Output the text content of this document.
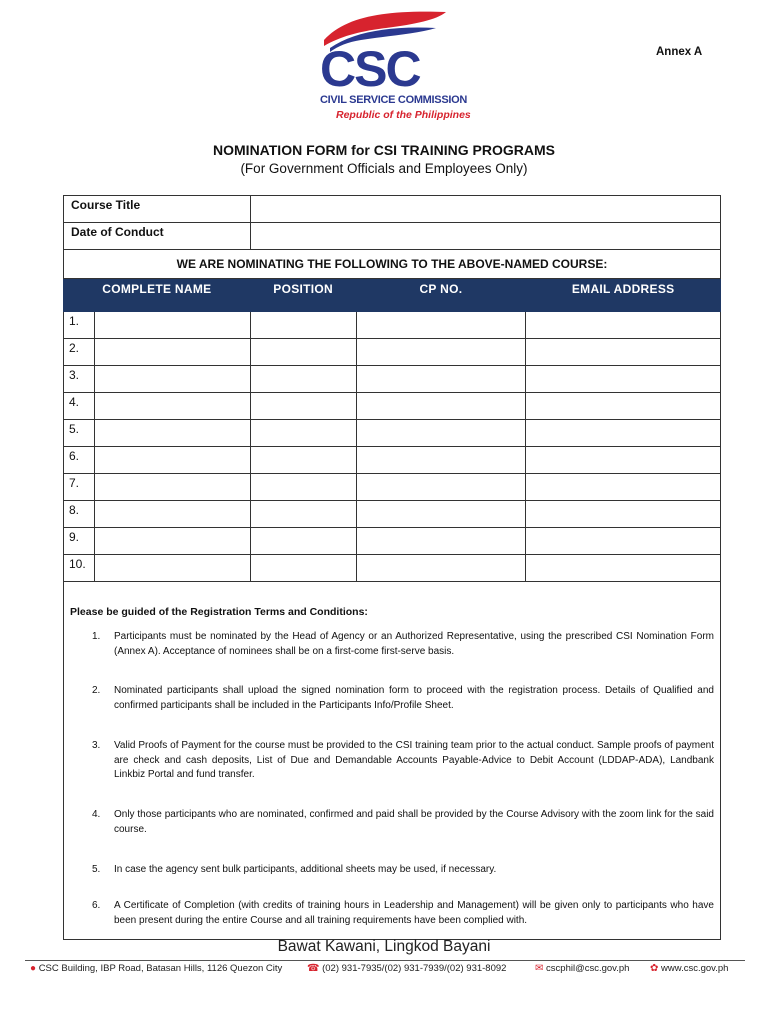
CSC
CIVIL SERVICE COMMISSION
Republic of the Philippines
Annex A
NOMINATION FORM for CSI TRAINING PROGRAMS
(For Government Officials and Employees Only)
Course Title				
Date of Conduct				
WE ARE NOMINATING THE FOLLOWING TO THE ABOVE-NAMED COURSE:				
COMPLETE NAME		POSITION	CP NO.	EMAIL ADDRESS
1.				
2.				
3.				
4.				
5.				
6.				
7.				
8.				
9.				
10.				
Please be guided of the Registration Terms and Conditions:
1. Participants must be nominated by the Head of Agency or an Authorized Representative, using the prescribed CSI Nomination Form (Annex A). Acceptance of nominees shall be on a first-come first-serve basis.
2. Nominated participants shall upload the signed nomination form to proceed with the registration process. Details of Qualified and confirmed participants shall be included in the Participants Info/Profile Sheet.
3. Valid Proofs of Payment for the course must be provided to the CSI training team prior to the actual conduct. Sample proofs of payment are check and cash deposits, List of Due and Demandable Accounts Payable-Advice to Debit Account (LDDAP-ADA), Landbank Linkbiz Portal and fund transfer.
4. Only those participants who are nominated, confirmed and paid shall be provided by the Course Advisory with the zoom link for the said course.
5. In case the agency sent bulk participants, additional sheets may be used, if necessary.
6. A Certificate of Completion (with credits of training hours in Leadership and Management) will be given only to participants who have been present during the entire Course and all training requirements have been complied with.
Bawat Kawani, Lingkod Bayani
● CSC Building, IBP Road, Batasan Hills, 1126 Quezon City ☎ (02) 931-7935/(02) 931-7939/(02) 931-8092	✉ cscphil@csc.gov.ph ✿ www.csc.gov.ph
